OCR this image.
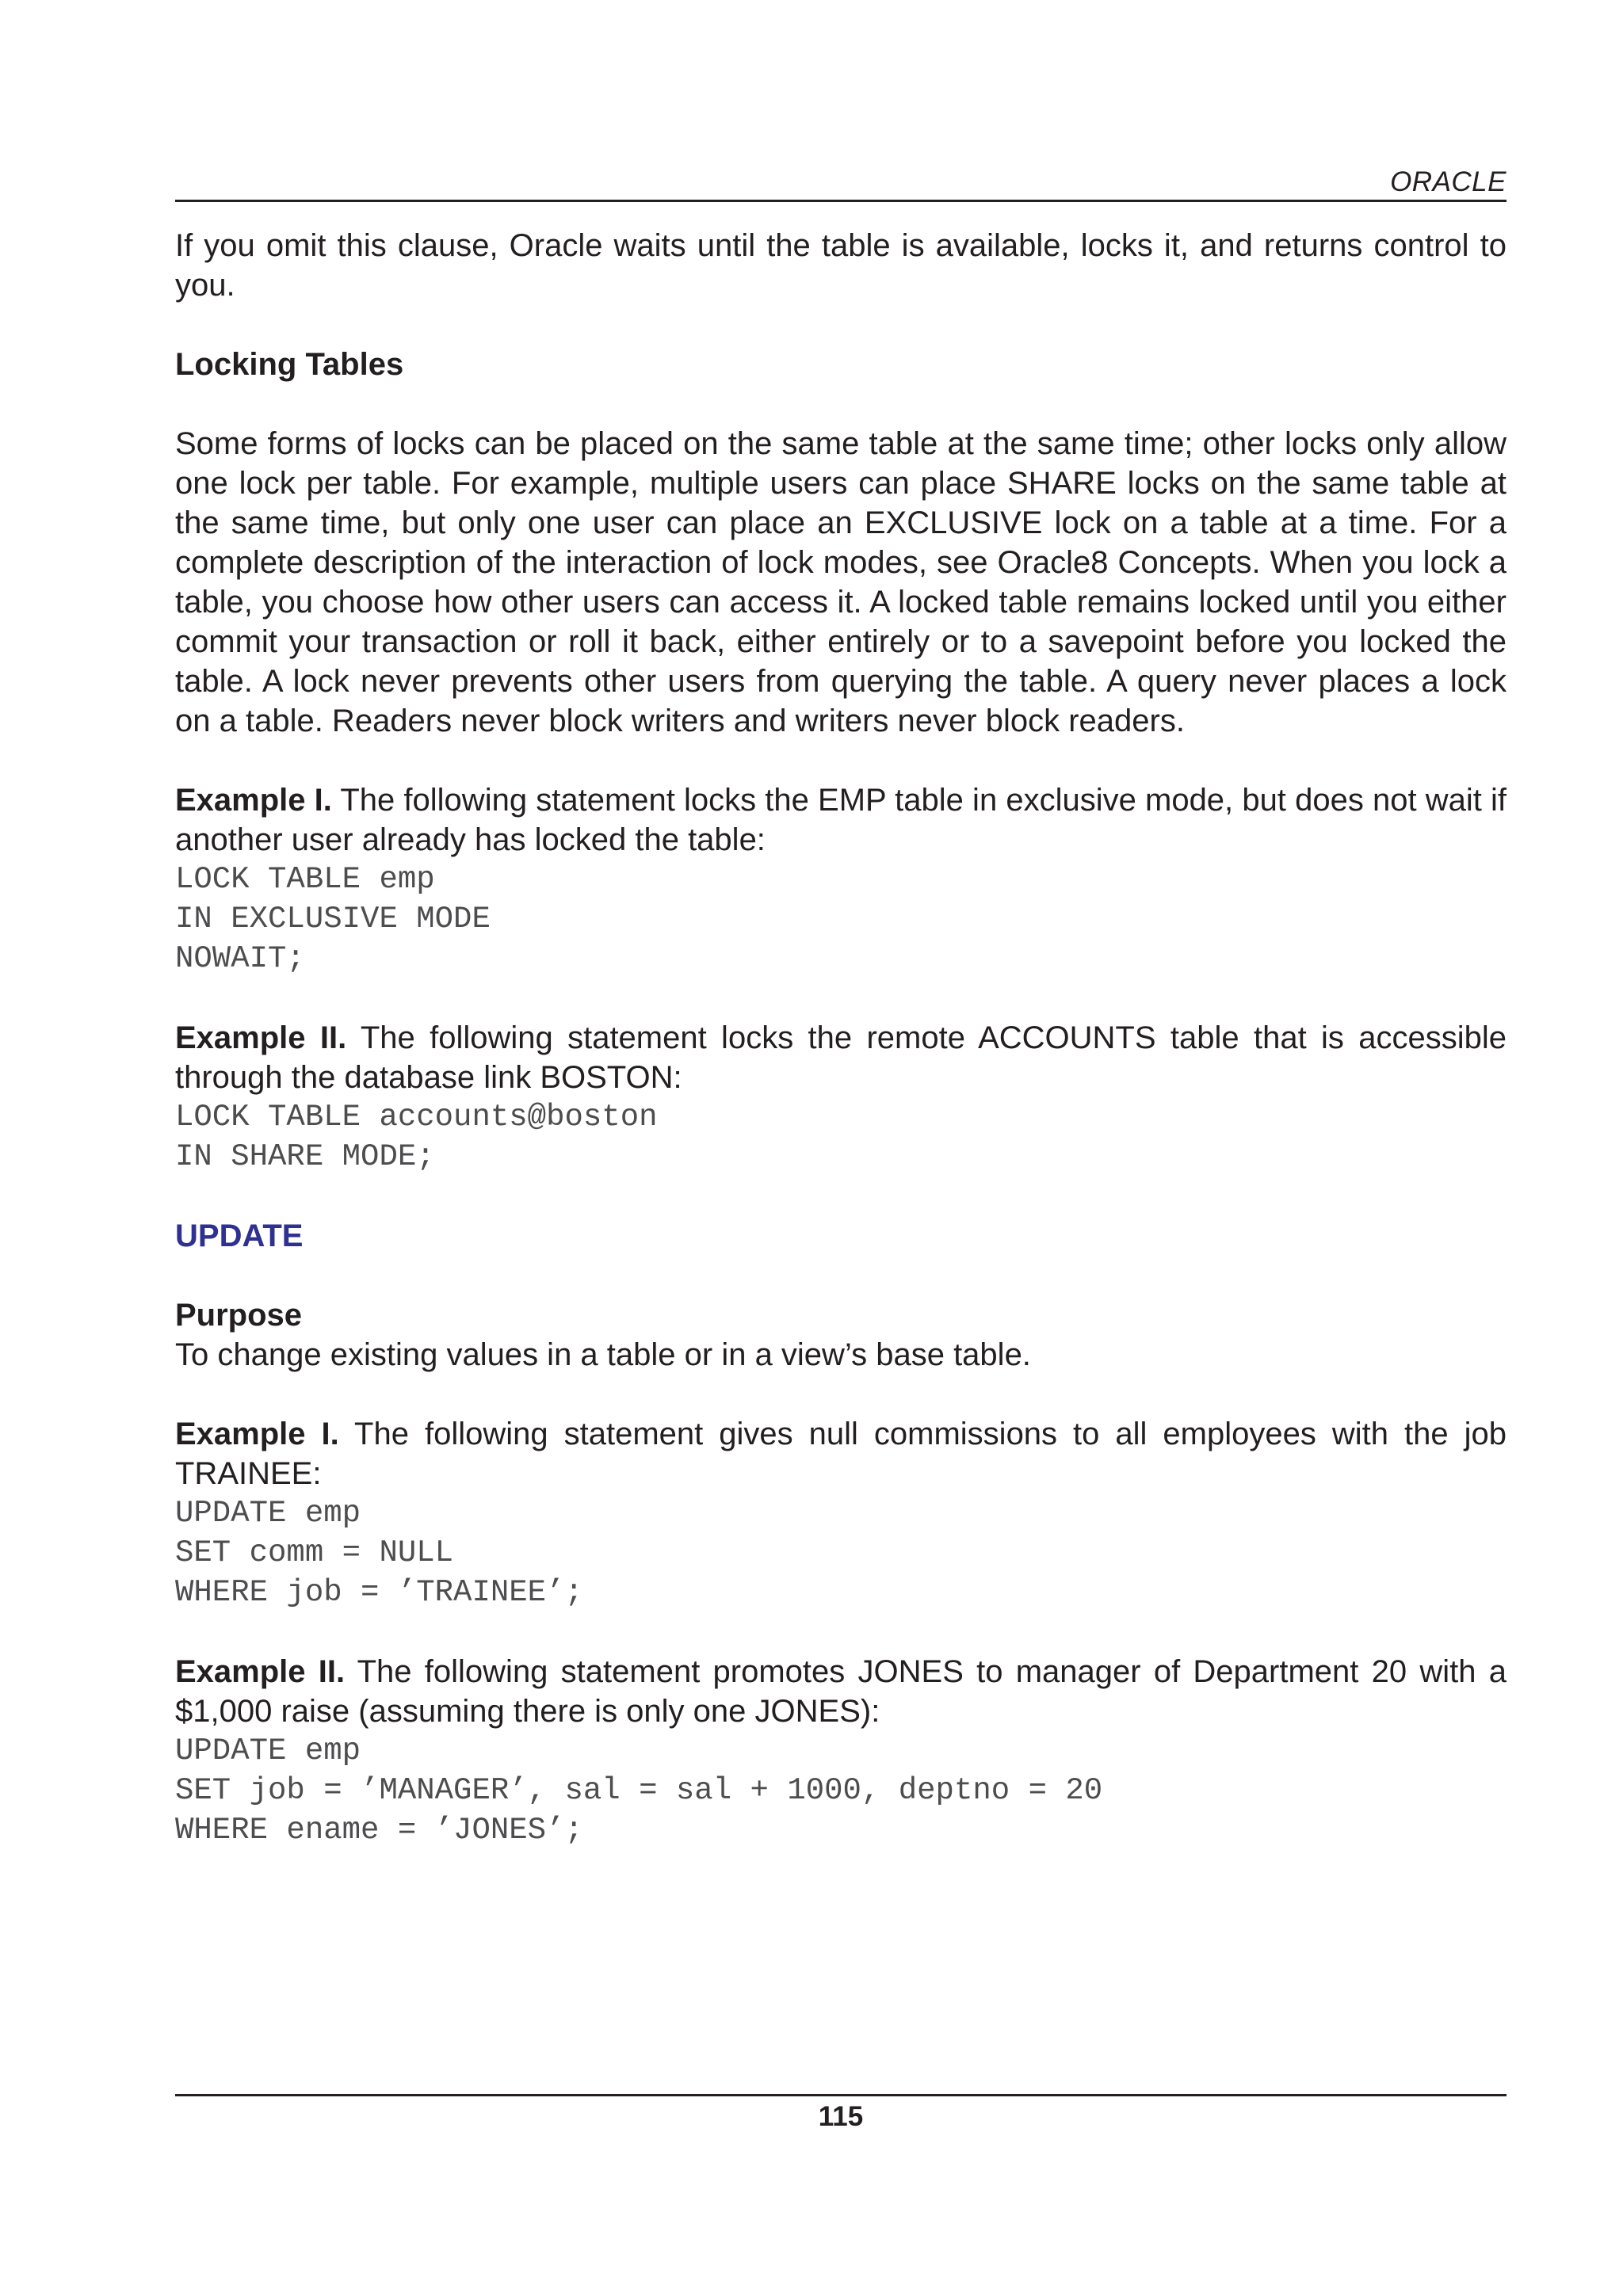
ORACLE

If you omit this clause, Oracle waits until the table is available, locks it, and returns control to you.

Locking Tables

Some forms of locks can be placed on the same table at the same time; other locks only allow one lock per table. For example, multiple users can place SHARE locks on the same table at the same time, but only one user can place an EXCLUSIVE lock on a table at a time. For a complete description of the interaction of lock modes, see Oracle8 Concepts. When you lock a table, you choose how other users can access it. A locked table remains locked until you either commit your transaction or roll it back, either entirely or to a savepoint before you locked the table. A lock never prevents other users from querying the table. A query never places a lock on a table. Readers never block writers and writers never block readers.

Example I. The following statement locks the EMP table in exclusive mode, but does not wait if another user already has locked the table:

LOCK TABLE emp
IN EXCLUSIVE MODE
NOWAIT;

Example II. The following statement locks the remote ACCOUNTS table that is accessible through the database link BOSTON:

LOCK TABLE accounts@boston
IN SHARE MODE;

UPDATE

Purpose

To change existing values in a table or in a view’s base table.

Example I. The following statement gives null commissions to all employees with the job TRAINEE:

UPDATE emp
SET comm = NULL
WHERE job = ’TRAINEE’;

Example II. The following statement promotes JONES to manager of Department 20 with a $1,000 raise (assuming there is only one JONES):

UPDATE emp
SET job = ’MANAGER’, sal = sal + 1000, deptno = 20
WHERE ename = ’JONES’;
115
